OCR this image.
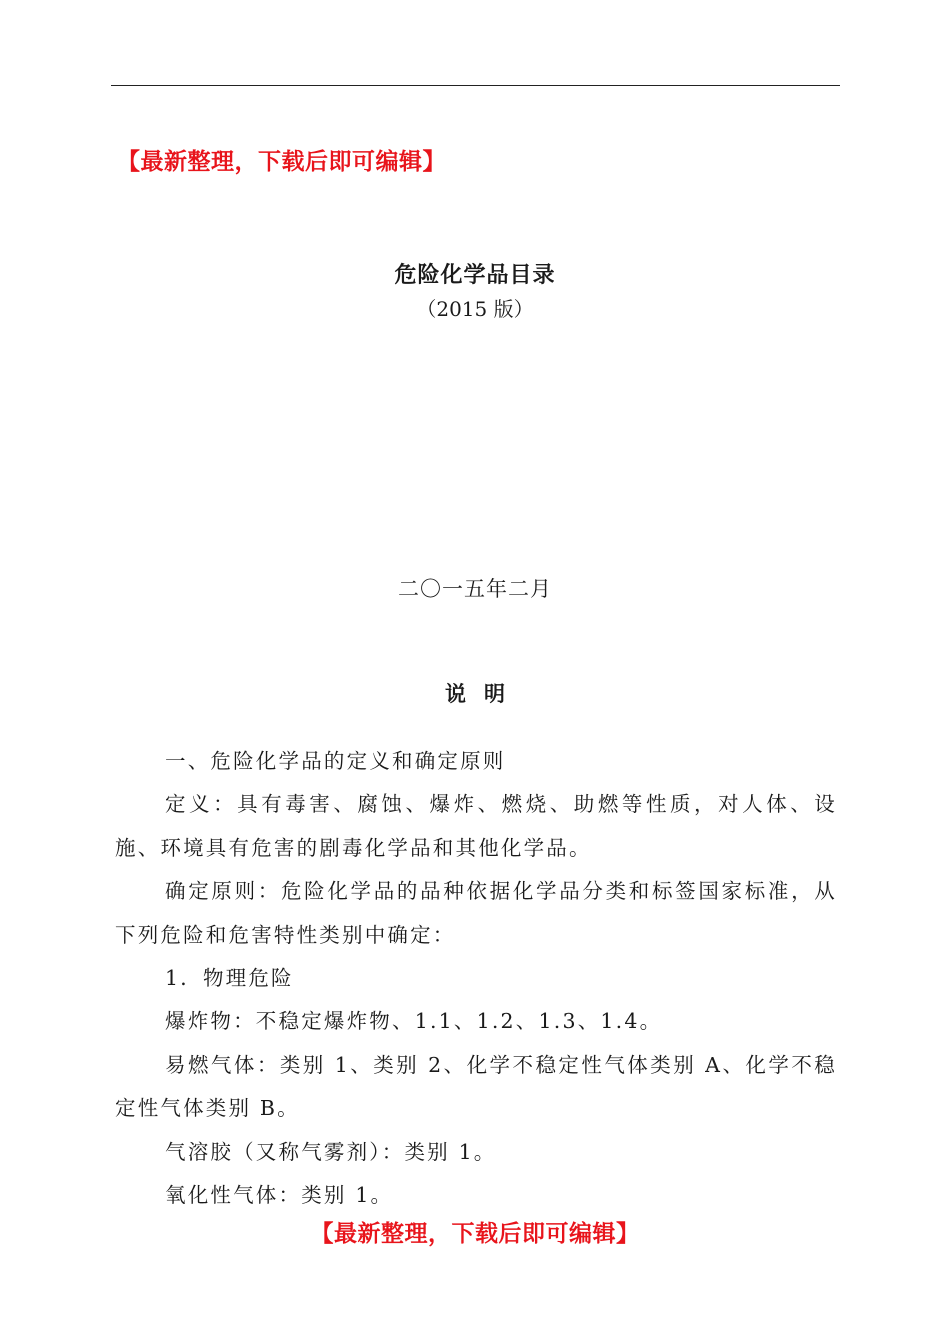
【最新整理，下载后即可编辑】
危险化学品目录
（2015 版）
二〇一五年二月
说明

一、危险化学品的定义和确定原则

定义：具有毒害、腐蚀、爆炸、燃烧、助燃等性质，对人体、设施、环境具有危害的剧毒化学品和其他化学品。

确定原则：危险化学品的品种依据化学品分类和标签国家标准，从下列危险和危害特性类别中确定：

1．物理危险

爆炸物：不稳定爆炸物、1.1、1.2、1.3、1.4。

易燃气体：类别 1、类别 2、化学不稳定性气体类别 A、化学不稳定性气体类别 B。

气溶胶（又称气雾剂）：类别 1。

氧化性气体：类别 1。

【最新整理，下载后即可编辑】
